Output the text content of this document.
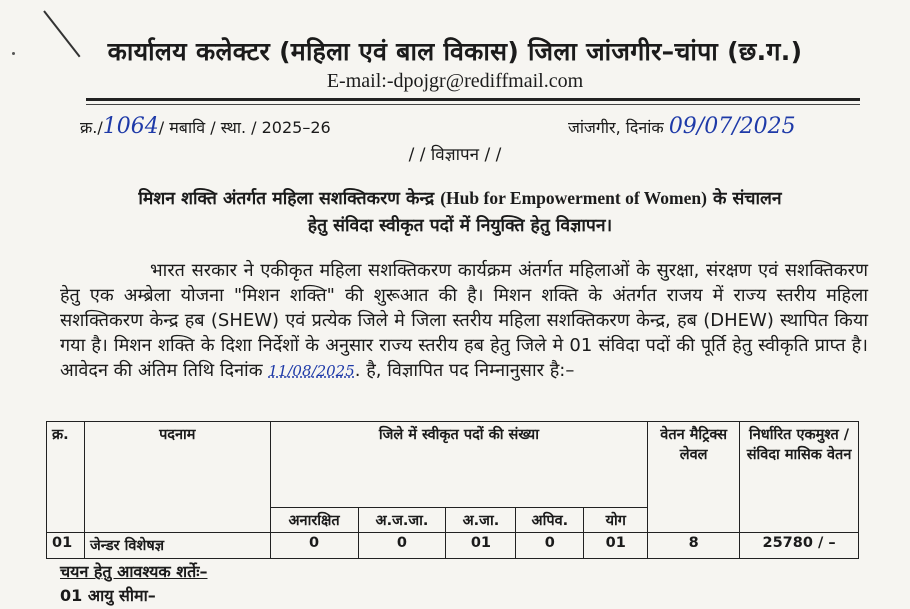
कार्यालय कलेक्टर (महिला एवं बाल विकास) जिला जांजगीर–चांपा (छ.ग.)
E-mail:-dpojgr@rediffmail.com
क्र./1064/ मबावि / स्था. / 2025–26	जांजगीर, दिनांक 09/07/2025
/ / विज्ञापन / /
मिशन शक्ति अंतर्गत महिला सशक्तिकरण केन्द्र (Hub for Empowerment of Women) के संचालन
हेतु संविदा स्वीकृत पदों में नियुक्ति हेतु विज्ञापन।
भारत सरकार ने एकीकृत महिला सशक्तिकरण कार्यक्रम अंतर्गत महिलाओं के सुरक्षा, संरक्षण एवं सशक्तिकरण हेतु एक अम्ब्रेला योजना "मिशन शक्ति" की शुरूआत की है। मिशन शक्ति के अंतर्गत राजय में राज्य स्तरीय महिला सशक्तिकरण केन्द्र हब (SHEW) एवं प्रत्येक जिले मे जिला स्तरीय महिला सशक्तिकरण केन्द्र, हब (DHEW) स्थापित किया गया है। मिशन शक्ति के दिशा निर्देशों के अनुसार राज्य स्तरीय हब हेतु जिले मे 01 संविदा पदों की पूर्ति हेतु स्वीकृति प्राप्त है। आवेदन की अंतिम तिथि दिनांक 11/08/2025. है, विज्ञापित पद निम्नानुसार है:–
क्र.	पदनाम	जिले में स्वीकृत पदों की संख्या					वेतन मैट्रिक्स लेवल	निर्धारित एकमुश्त / संविदा मासिक वेतन
		अनारक्षित	अ.ज.जा.	अ.जा.	अपिव.	योग		
01	जेन्डर विशेषज्ञ	0	0	01	0	01	8	25780 / –
चयन हेतु आवश्यक शर्तेः–
01 आयु सीमा–
